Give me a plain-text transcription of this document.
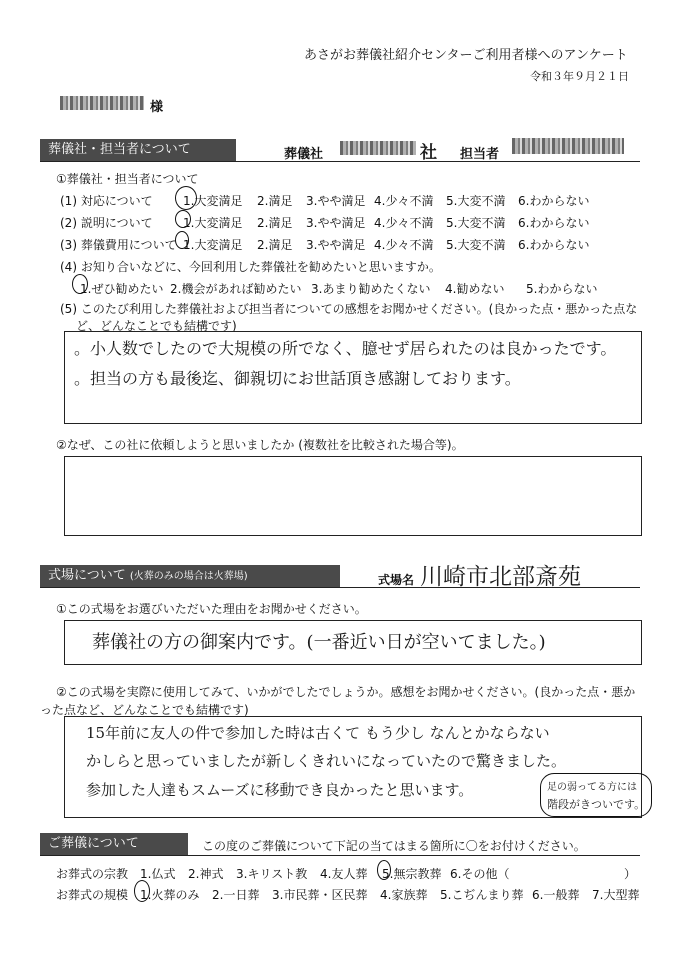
あさがお葬儀社紹介センターご利用者様へのアンケート
令和３年９月２１日
様
葬儀社・担当者について	葬儀社	社 担当者
①葬儀社・担当者について
(1) 対応について	1.大変満足 2.満足 3.やや満足 4.少々不満 5.大変不満 6.わからない
(2) 説明について	1.大変満足 2.満足 3.やや満足 4.少々不満 5.大変不満 6.わからない
(3) 葬儀費用について 1.大変満足 2.満足 3.やや満足 4.少々不満 5.大変不満 6.わからない
(4) お知り合いなどに、今回利用した葬儀社を勧めたいと思いますか。
1.ぜひ勧めたい 2.機会があれば勧めたい 3.あまり勧めたくない 4.勧めない 5.わからない
(5) このたび利用した葬儀社および担当者についての感想をお聞かせください。(良かった点・悪かった点な
ど、どんなことでも結構です)
。小人数でしたので大規模の所でなく、臆せず居られたのは良かったです。
。担当の方も最後迄、御親切にお世話頂き感謝しております。
②なぜ、この社に依頼しようと思いましたか (複数社を比較された場合等)。
式場について (火葬のみの場合は火葬場)	式場名 川崎市北部斎苑
①この式場をお選びいただいた理由をお聞かせください。
葬儀社の方の御案内です。(一番近い日が空いてました。)
②この式場を実際に使用してみて、いかがでしたでしょうか。感想をお聞かせください。(良かった点・悪か
った点など、どんなことでも結構です)
15年前に友人の件で参加した時は古くて もう少し なんとかならない
かしらと思っていましたが新しくきれいになっていたので驚きました。
参加した人達もスムーズに移動でき良かったと思います。	足の弱ってる方には
階段がきついです。
ご葬儀について	この度のご葬儀について下記の当てはまる箇所に〇をお付けください。
お葬式の宗教 1.仏式 2.神式 3.キリスト教 4.友人葬 5.無宗教葬 6.その他（	）
お葬式の規模 1.火葬のみ 2.一日葬 3.市民葬・区民葬 4.家族葬 5.こぢんまり葬 6.一般葬 7.大型葬
